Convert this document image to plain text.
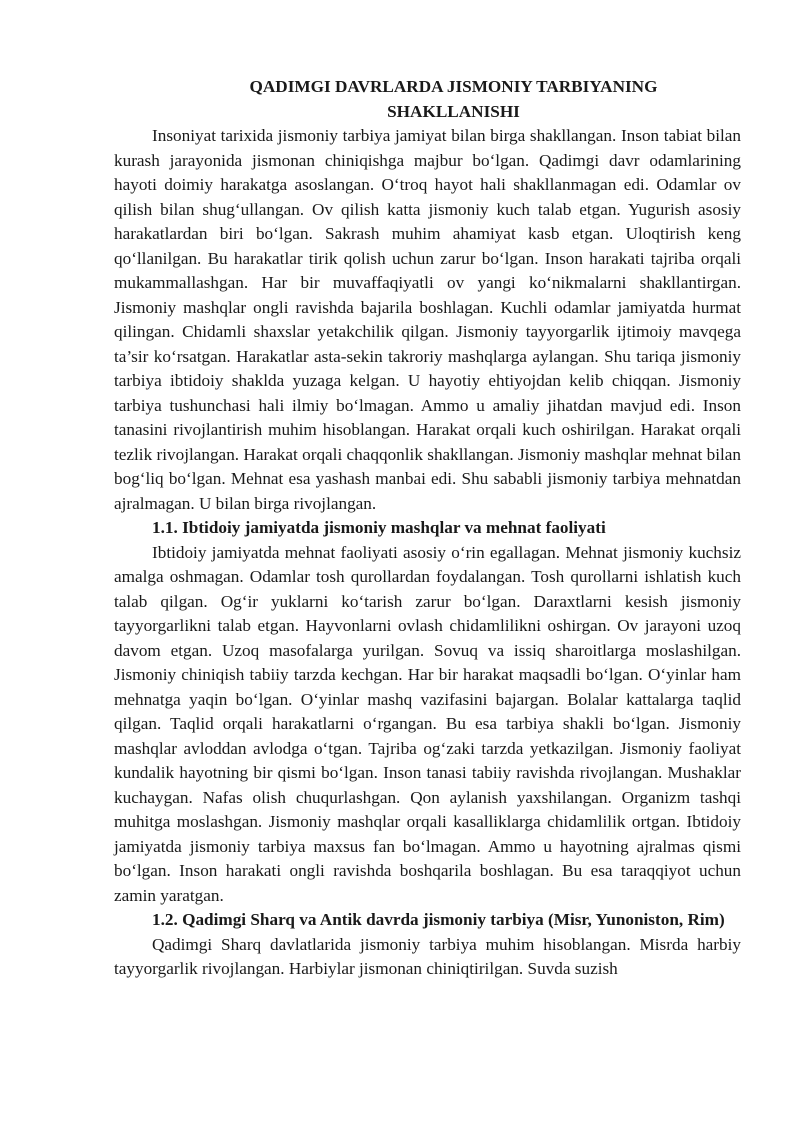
QADIMGI DAVRLARDA JISMONIY TARBIYANING
SHAKLLANISHI

Insoniyat tarixida jismoniy tarbiya jamiyat bilan birga shakllangan. Inson tabiat bilan kurash jarayonida jismonan chiniqishga majbur bo‘lgan. Qadimgi davr odamlarining hayoti doimiy harakatga asoslangan. O‘troq hayot hali shakllanmagan edi. Odamlar ov qilish bilan shug‘ullangan. Ov qilish katta jismoniy kuch talab etgan. Yugurish asosiy harakatlardan biri bo‘lgan. Sakrash muhim ahamiyat kasb etgan. Uloqtirish keng qo‘llanilgan. Bu harakatlar tirik qolish uchun zarur bo‘lgan. Inson harakati tajriba orqali mukammallashgan. Har bir muvaffaqiyatli ov yangi ko‘nikmalarni shakllantirgan. Jismoniy mashqlar ongli ravishda bajarila boshlagan. Kuchli odamlar jamiyatda hurmat qilingan. Chidamli shaxslar yetakchilik qilgan. Jismoniy tayyorgarlik ijtimoiy mavqega ta’sir ko‘rsatgan. Harakatlar asta-sekin takroriy mashqlarga aylangan. Shu tariqa jismoniy tarbiya ibtidoiy shaklda yuzaga kelgan. U hayotiy ehtiyojdan kelib chiqqan. Jismoniy tarbiya tushunchasi hali ilmiy bo‘lmagan. Ammo u amaliy jihatdan mavjud edi. Inson tanasini rivojlantirish muhim hisoblangan. Harakat orqali kuch oshirilgan. Harakat orqali tezlik rivojlangan. Harakat orqali chaqqonlik shakllangan. Jismoniy mashqlar mehnat bilan bog‘liq bo‘lgan. Mehnat esa yashash manbai edi. Shu sababli jismoniy tarbiya mehnatdan ajralmagan. U bilan birga rivojlangan.

1.1. Ibtidoiy jamiyatda jismoniy mashqlar va mehnat faoliyati

Ibtidoiy jamiyatda mehnat faoliyati asosiy o‘rin egallagan. Mehnat jismoniy kuchsiz amalga oshmagan. Odamlar tosh qurollardan foydalangan. Tosh qurollarni ishlatish kuch talab qilgan. Og‘ir yuklarni ko‘tarish zarur bo‘lgan. Daraxtlarni kesish jismoniy tayyorgarlikni talab etgan. Hayvonlarni ovlash chidamlilikni oshirgan. Ov jarayoni uzoq davom etgan. Uzoq masofalarga yurilgan. Sovuq va issiq sharoitlarga moslashilgan. Jismoniy chiniqish tabiiy tarzda kechgan. Har bir harakat maqsadli bo‘lgan. O‘yinlar ham mehnatga yaqin bo‘lgan. O‘yinlar mashq vazifasini bajargan. Bolalar kattalarga taqlid qilgan. Taqlid orqali harakatlarni o‘rgangan. Bu esa tarbiya shakli bo‘lgan. Jismoniy mashqlar avloddan avlodga o‘tgan. Tajriba og‘zaki tarzda yetkazilgan. Jismoniy faoliyat kundalik hayotning bir qismi bo‘lgan. Inson tanasi tabiiy ravishda rivojlangan. Mushaklar kuchaygan. Nafas olish chuqurlashgan. Qon aylanish yaxshilangan. Organizm tashqi muhitga moslashgan. Jismoniy mashqlar orqali kasalliklarga chidamlilik ortgan. Ibtidoiy jamiyatda jismoniy tarbiya maxsus fan bo‘lmagan. Ammo u hayotning ajralmas qismi bo‘lgan. Inson harakati ongli ravishda boshqarila boshlagan. Bu esa taraqqiyot uchun zamin yaratgan.

1.2. Qadimgi Sharq va Antik davrda jismoniy tarbiya (Misr, Yunoniston, Rim)

Qadimgi Sharq davlatlarida jismoniy tarbiya muhim hisoblangan. Misrda harbiy tayyorgarlik rivojlangan. Harbiylar jismonan chiniqtirilgan. Suvda suzish
